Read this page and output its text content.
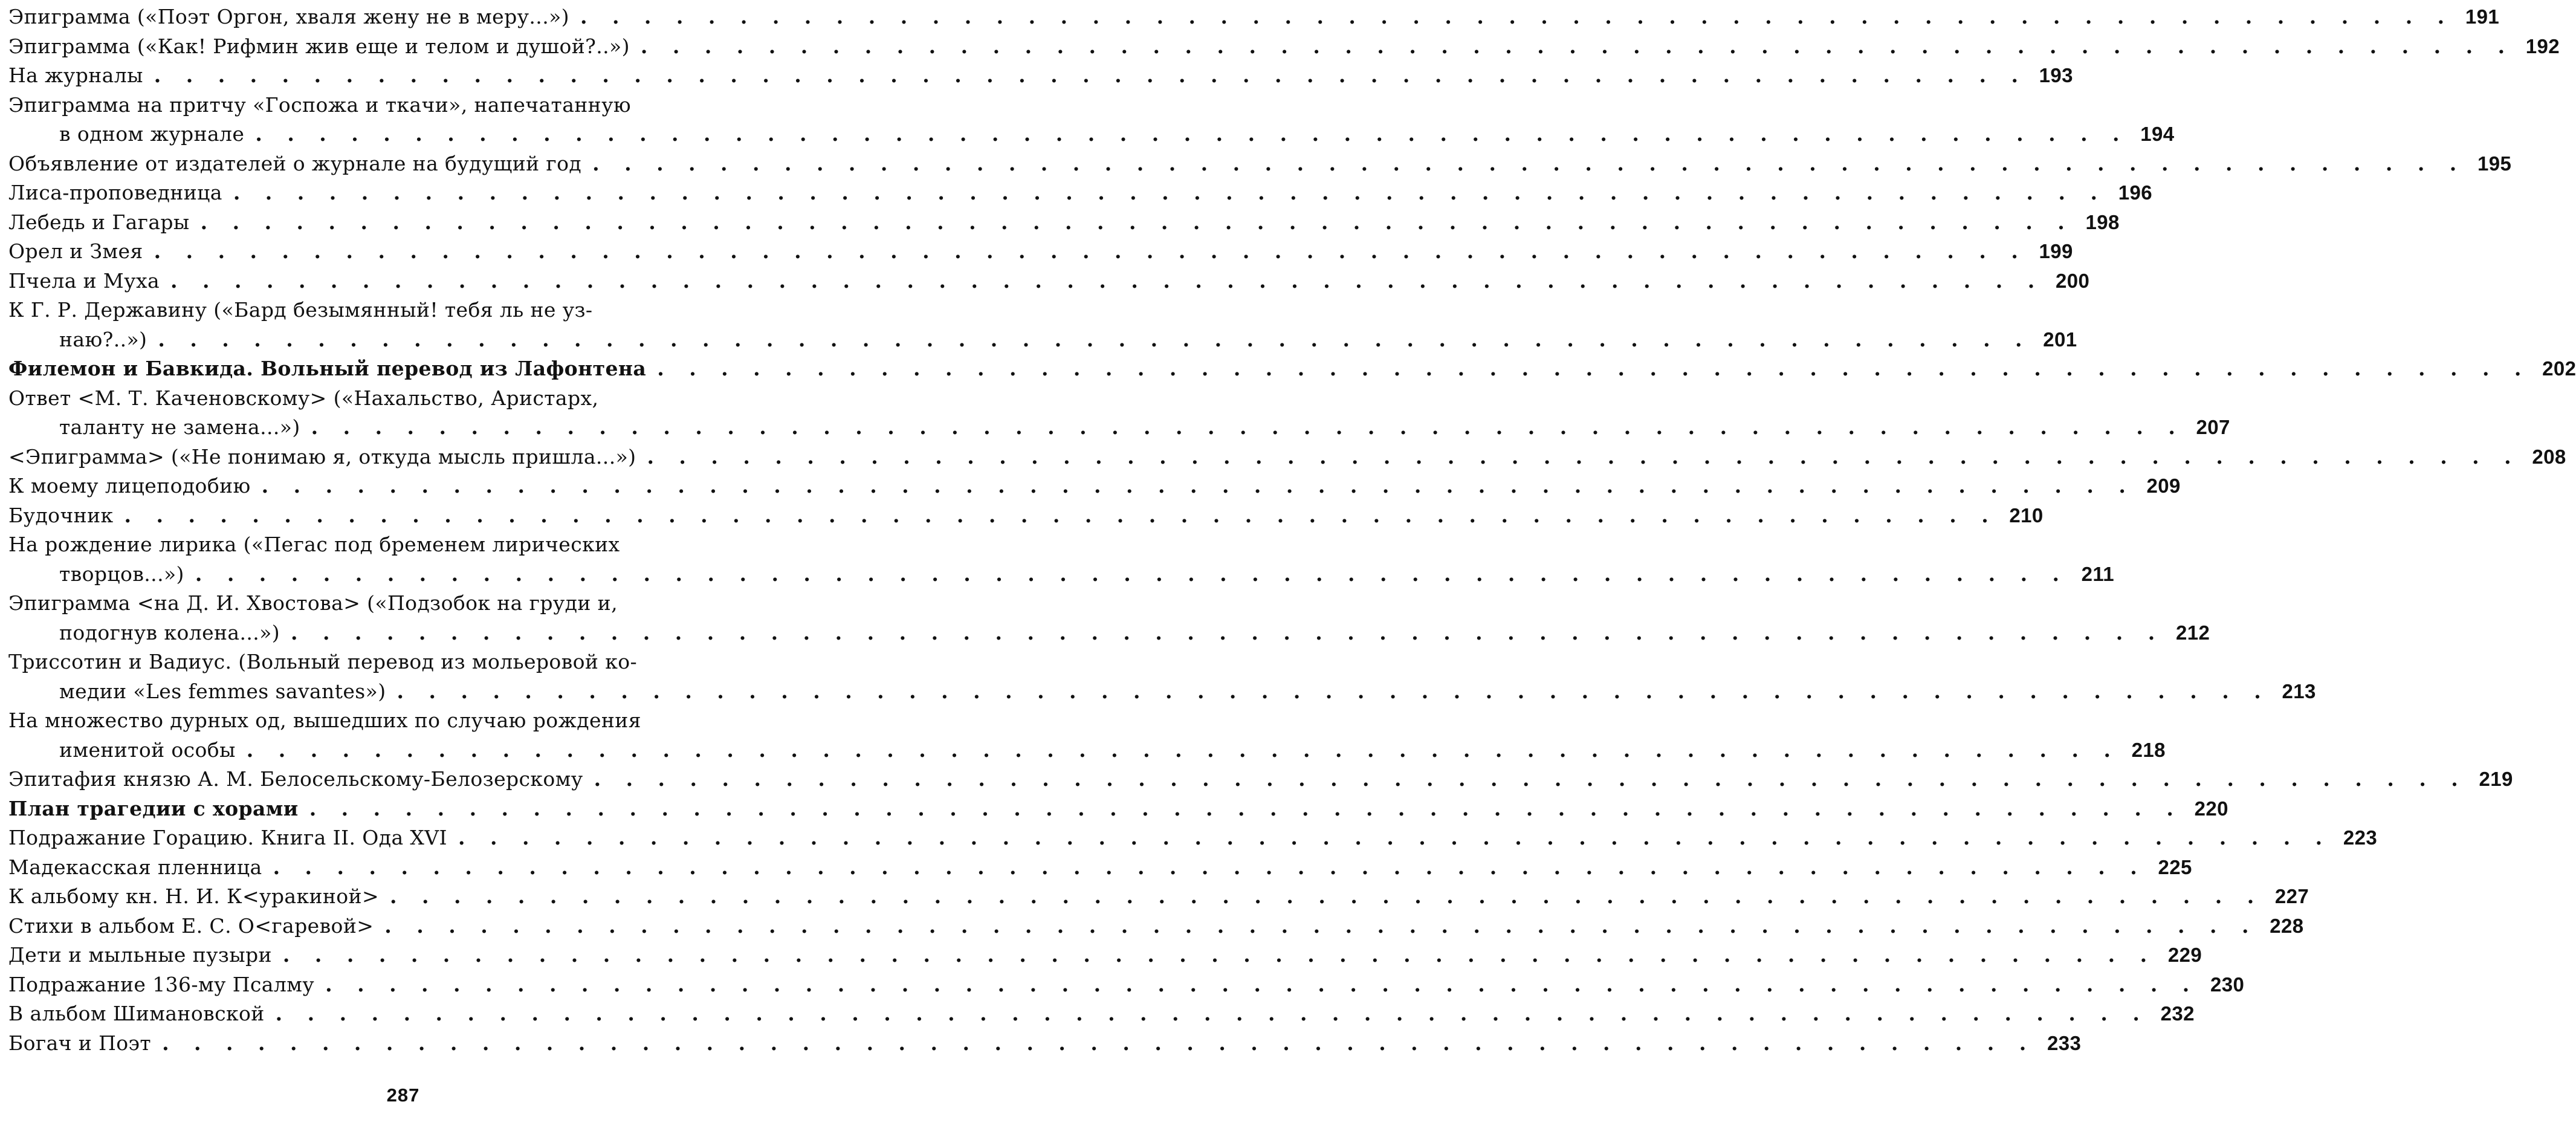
Эпиграмма («Поэт Оргон, хваля жену не в меру...») . . . . . . . . . . . . . . . . . . . . . . . . . . . . . . . . . . . . . . . . . . . . . . . . . . . . . . . . . . . 191
Эпиграмма («Как! Рифмин жив еще и телом и душой?..») . . . . . . . . . . . . . . . . . . . . . . . . . . . . . . . . . . . . . . . . . . . . . . . . . . . . . . . . . . . 192
На журналы . . . . . . . . . . . . . . . . . . . . . . . . . . . . . . . . . . . . . . . . . . . . . . . . . . . . . . . . . . . 193
Эпиграмма на притчу «Госпожа и ткачи», напечатанную
в одном журнале . . . . . . . . . . . . . . . . . . . . . . . . . . . . . . . . . . . . . . . . . . . . . . . . . . . . . . . . . . . 194
Объявление от издателей о журнале на будущий год . . . . . . . . . . . . . . . . . . . . . . . . . . . . . . . . . . . . . . . . . . . . . . . . . . . . . . . . . . . 195
Лиса-проповедница . . . . . . . . . . . . . . . . . . . . . . . . . . . . . . . . . . . . . . . . . . . . . . . . . . . . . . . . . . . 196
Лебедь и Гагары . . . . . . . . . . . . . . . . . . . . . . . . . . . . . . . . . . . . . . . . . . . . . . . . . . . . . . . . . . . 198
Орел и Змея . . . . . . . . . . . . . . . . . . . . . . . . . . . . . . . . . . . . . . . . . . . . . . . . . . . . . . . . . . . 199
Пчела и Муха . . . . . . . . . . . . . . . . . . . . . . . . . . . . . . . . . . . . . . . . . . . . . . . . . . . . . . . . . . . 200
К Г. Р. Державину («Бард безымянный! тебя ль не уз-
наю?..») . . . . . . . . . . . . . . . . . . . . . . . . . . . . . . . . . . . . . . . . . . . . . . . . . . . . . . . . . . . 201
Филемон и Бавкида. Вольный перевод из Лафонтена . . . . . . . . . . . . . . . . . . . . . . . . . . . . . . . . . . . . . . . . . . . . . . . . . . . . . . . . . . . 202
Ответ <М. Т. Каченовскому> («Нахальство, Аристарх,
таланту не замена...») . . . . . . . . . . . . . . . . . . . . . . . . . . . . . . . . . . . . . . . . . . . . . . . . . . . . . . . . . . . 207
<Эпиграмма> («Не понимаю я, откуда мысль пришла...») . . . . . . . . . . . . . . . . . . . . . . . . . . . . . . . . . . . . . . . . . . . . . . . . . . . . . . . . . . . 208
К моему лицеподобию . . . . . . . . . . . . . . . . . . . . . . . . . . . . . . . . . . . . . . . . . . . . . . . . . . . . . . . . . . . 209
Будочник . . . . . . . . . . . . . . . . . . . . . . . . . . . . . . . . . . . . . . . . . . . . . . . . . . . . . . . . . . . 210
На рождение лирика («Пегас под бременем лирических
творцов...») . . . . . . . . . . . . . . . . . . . . . . . . . . . . . . . . . . . . . . . . . . . . . . . . . . . . . . . . . . . 211
Эпиграмма <на Д. И. Хвостова> («Подзобок на груди и,
подогнув колена...») . . . . . . . . . . . . . . . . . . . . . . . . . . . . . . . . . . . . . . . . . . . . . . . . . . . . . . . . . . . 212
Триссотин и Вадиус. (Вольный перевод из мольеровой ко-
медии «Les femmes savantes») . . . . . . . . . . . . . . . . . . . . . . . . . . . . . . . . . . . . . . . . . . . . . . . . . . . . . . . . . . . 213
На множество дурных од, вышедших по случаю рождения
именитой особы . . . . . . . . . . . . . . . . . . . . . . . . . . . . . . . . . . . . . . . . . . . . . . . . . . . . . . . . . . . 218
Эпитафия князю А. М. Белосельскому-Белозерскому . . . . . . . . . . . . . . . . . . . . . . . . . . . . . . . . . . . . . . . . . . . . . . . . . . . . . . . . . . . 219
План трагедии с хорами . . . . . . . . . . . . . . . . . . . . . . . . . . . . . . . . . . . . . . . . . . . . . . . . . . . . . . . . . . . 220
Подражание Горацию. Книга II. Ода XVI . . . . . . . . . . . . . . . . . . . . . . . . . . . . . . . . . . . . . . . . . . . . . . . . . . . . . . . . . . . 223
Мадекасская пленница . . . . . . . . . . . . . . . . . . . . . . . . . . . . . . . . . . . . . . . . . . . . . . . . . . . . . . . . . . . 225
К альбому кн. Н. И. К<уракиной> . . . . . . . . . . . . . . . . . . . . . . . . . . . . . . . . . . . . . . . . . . . . . . . . . . . . . . . . . . . 227
Стихи в альбом Е. С. О<гаревой> . . . . . . . . . . . . . . . . . . . . . . . . . . . . . . . . . . . . . . . . . . . . . . . . . . . . . . . . . . . 228
Дети и мыльные пузыри . . . . . . . . . . . . . . . . . . . . . . . . . . . . . . . . . . . . . . . . . . . . . . . . . . . . . . . . . . . 229
Подражание 136-му Псалму . . . . . . . . . . . . . . . . . . . . . . . . . . . . . . . . . . . . . . . . . . . . . . . . . . . . . . . . . . . 230
В альбом Шимановской . . . . . . . . . . . . . . . . . . . . . . . . . . . . . . . . . . . . . . . . . . . . . . . . . . . . . . . . . . . 232
Богач и Поэт . . . . . . . . . . . . . . . . . . . . . . . . . . . . . . . . . . . . . . . . . . . . . . . . . . . . . . . . . . . 233
287
